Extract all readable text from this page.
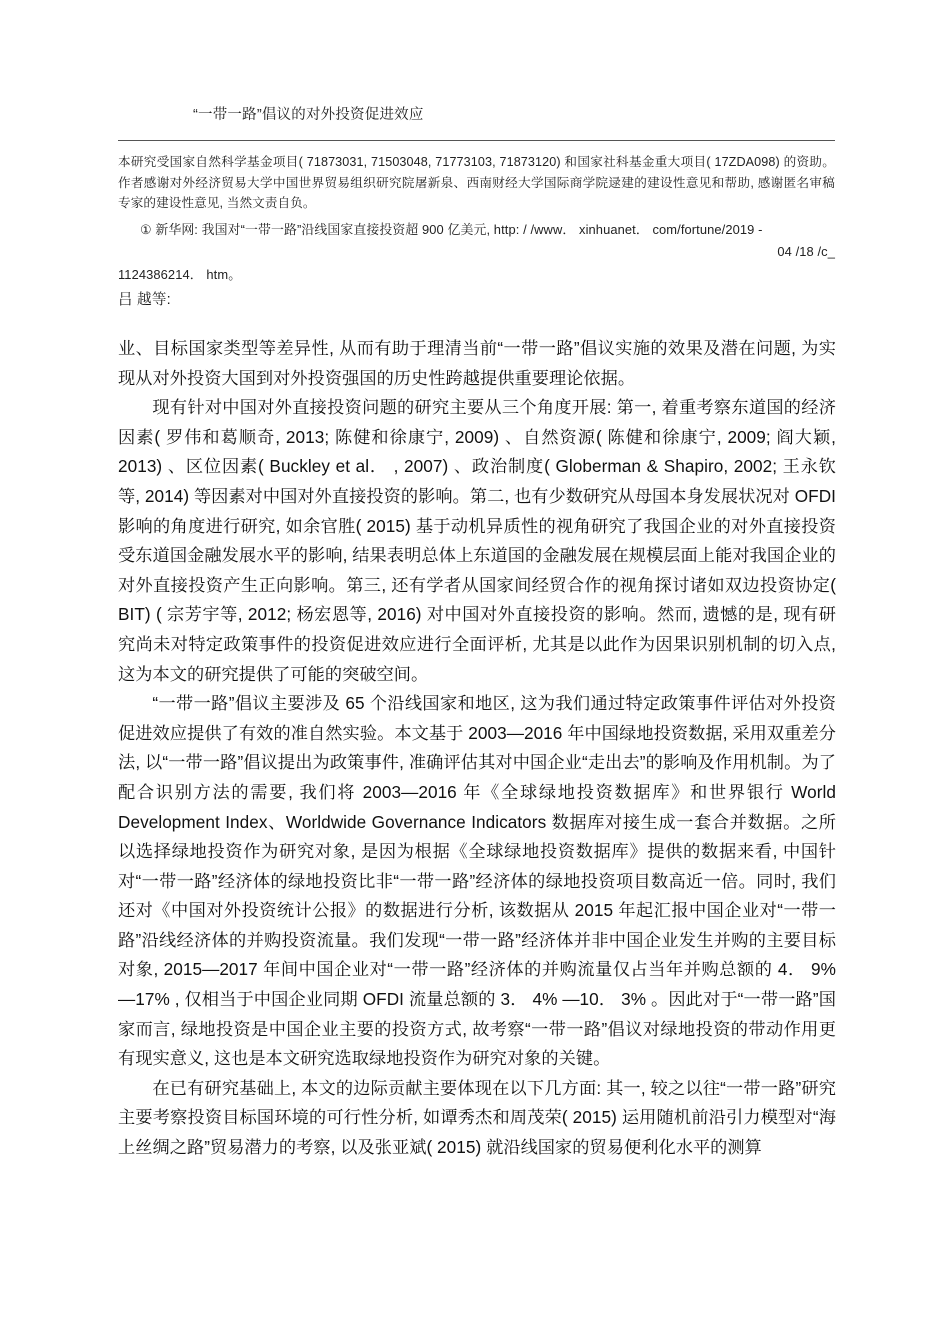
“一带一路”倡议的对外投资促进效应

本研究受国家自然科学基金项目( 71873031, 71503048, 71773103, 71873120) 和国家社科基金重大项目( 17ZDA098) 的资助。作者感谢对外经济贸易大学中国世界贸易组织研究院屠新泉、西南财经大学国际商学院逯建的建设性意见和帮助, 感谢匿名审稿专家的建设性意见, 当然文责自负。

① 新华网: 我国对“一带一路”沿线国家直接投资超 900 亿美元, http: / /www． xinhuanet． com/fortune/2019 -
04 /18 /c_
1124386214． htm。
吕 越等:

业、目标国家类型等差异性, 从而有助于理清当前“一带一路”倡议实施的效果及潜在问题, 为实现从对外投资大国到对外投资强国的历史性跨越提供重要理论依据。

现有针对中国对外直接投资问题的研究主要从三个角度开展: 第一, 着重考察东道国的经济因素( 罗伟和葛顺奇, 2013; 陈健和徐康宁, 2009) 、自然资源( 陈健和徐康宁, 2009; 阎大颖, 2013) 、区位因素( Buckley et al． , 2007) 、政治制度( Globerman & Shapiro, 2002; 王永钦等, 2014) 等因素对中国对外直接投资的影响。第二, 也有少数研究从母国本身发展状况对 OFDI 影响的角度进行研究, 如余官胜( 2015) 基于动机异质性的视角研究了我国企业的对外直接投资受东道国金融发展水平的影响, 结果表明总体上东道国的金融发展在规模层面上能对我国企业的对外直接投资产生正向影响。第三, 还有学者从国家间经贸合作的视角探讨诸如双边投资协定( BIT) ( 宗芳宇等, 2012; 杨宏恩等, 2016) 对中国对外直接投资的影响。然而, 遗憾的是, 现有研究尚未对特定政策事件的投资促进效应进行全面评析, 尤其是以此作为因果识别机制的切入点, 这为本文的研究提供了可能的突破空间。

“一带一路”倡议主要涉及 65 个沿线国家和地区, 这为我们通过特定政策事件评估对外投资促进效应提供了有效的准自然实验。本文基于 2003—2016 年中国绿地投资数据, 采用双重差分法, 以“一带一路”倡议提出为政策事件, 准确评估其对中国企业“走出去”的影响及作用机制。为了配合识别方法的需要, 我们将 2003—2016 年《全球绿地投资数据库》和世界银行 World Development Index、Worldwide Governance Indicators 数据库对接生成一套合并数据。之所以选择绿地投资作为研究对象, 是因为根据《全球绿地投资数据库》提供的数据来看, 中国针对“一带一路”经济体的绿地投资比非“一带一路”经济体的绿地投资项目数高近一倍。同时, 我们还对《中国对外投资统计公报》的数据进行分析, 该数据从 2015 年起汇报中国企业对“一带一路”沿线经济体的并购投资流量。我们发现“一带一路”经济体并非中国企业发生并购的主要目标对象, 2015—2017 年间中国企业对“一带一路”经济体的并购流量仅占当年并购总额的 4． 9% —17% , 仅相当于中国企业同期 OFDI 流量总额的 3． 4% —10． 3% 。因此对于“一带一路”国家而言, 绿地投资是中国企业主要的投资方式, 故考察“一带一路”倡议对绿地投资的带动作用更有现实意义, 这也是本文研究选取绿地投资作为研究对象的关键。

在已有研究基础上, 本文的边际贡献主要体现在以下几方面: 其一, 较之以往“一带一路”研究主要考察投资目标国环境的可行性分析, 如谭秀杰和周茂荣( 2015) 运用随机前沿引力模型对“海上丝绸之路”贸易潜力的考察, 以及张亚斌( 2015) 就沿线国家的贸易便利化水平的测算
